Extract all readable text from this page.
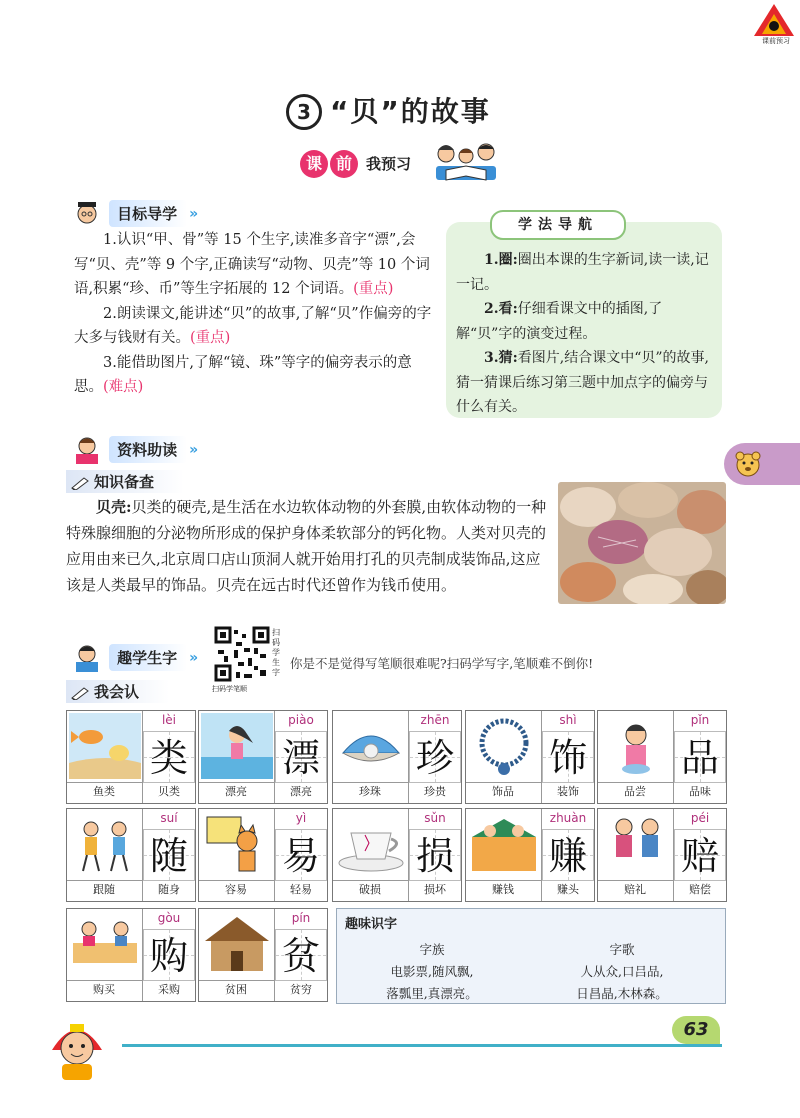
课前预习
3 “贝”的故事
课 前 我预习
目标导学 »

1.认识“甲、骨”等 15 个生字,读准多音字“漂”,会写“贝、壳”等 9 个字,正确读写“动物、贝壳”等 10 个词语,积累“珍、币”等生字拓展的 12 个词语。(重点)

2.朗读课文,能讲述“贝”的故事,了解“贝”作偏旁的字大多与钱财有关。(重点)

3.能借助图片,了解“镜、珠”等字的偏旁表示的意思。(难点)

学法导航

1.圈:圈出本课的生字新词,读一读,记一记。

2.看:仔细看课文中的插图,了解“贝”字的演变过程。

3.猜:看图片,结合课文中“贝”的故事,猜一猜课后练习第三题中加点字的偏旁与什么有关。

资料助读 »
知识备查
贝壳:贝类的硬壳,是生活在水边软体动物的外套膜,由软体动物的一种特殊腺细胞的分泌物所形成的保护身体柔软部分的钙化物。人类对贝壳的应用由来已久,北京周口店山顶洞人就开始用打孔的贝壳制成装饰品,这应该是人类最早的饰品。贝壳在远古时代还曾作为钱币使用。
趣学生字 »
扫码学生字
扫码学笔顺
你是不是觉得写笔顺很难呢?扫码学写字,笔顺难不倒你!
我会认
lèi
类
鱼类	贝类
piào
漂
漂亮	漂亮
zhēn
珍
珍珠	珍贵
shì
饰
饰品	装饰
pǐn
品
品尝	品味
suí
随
跟随	随身
yì
易
容易	轻易
sǔn
损
破损	损坏
zhuàn
赚
赚钱	赚头
péi
赔
赔礼	赔偿
gòu
购
购买	采购
pín
贫
贫困	贫穷
趣味识字
字族
电影票,随风飘,
落瓢里,真漂亮。
字歌
人从众,口吕品,
日昌晶,木林森。
63
